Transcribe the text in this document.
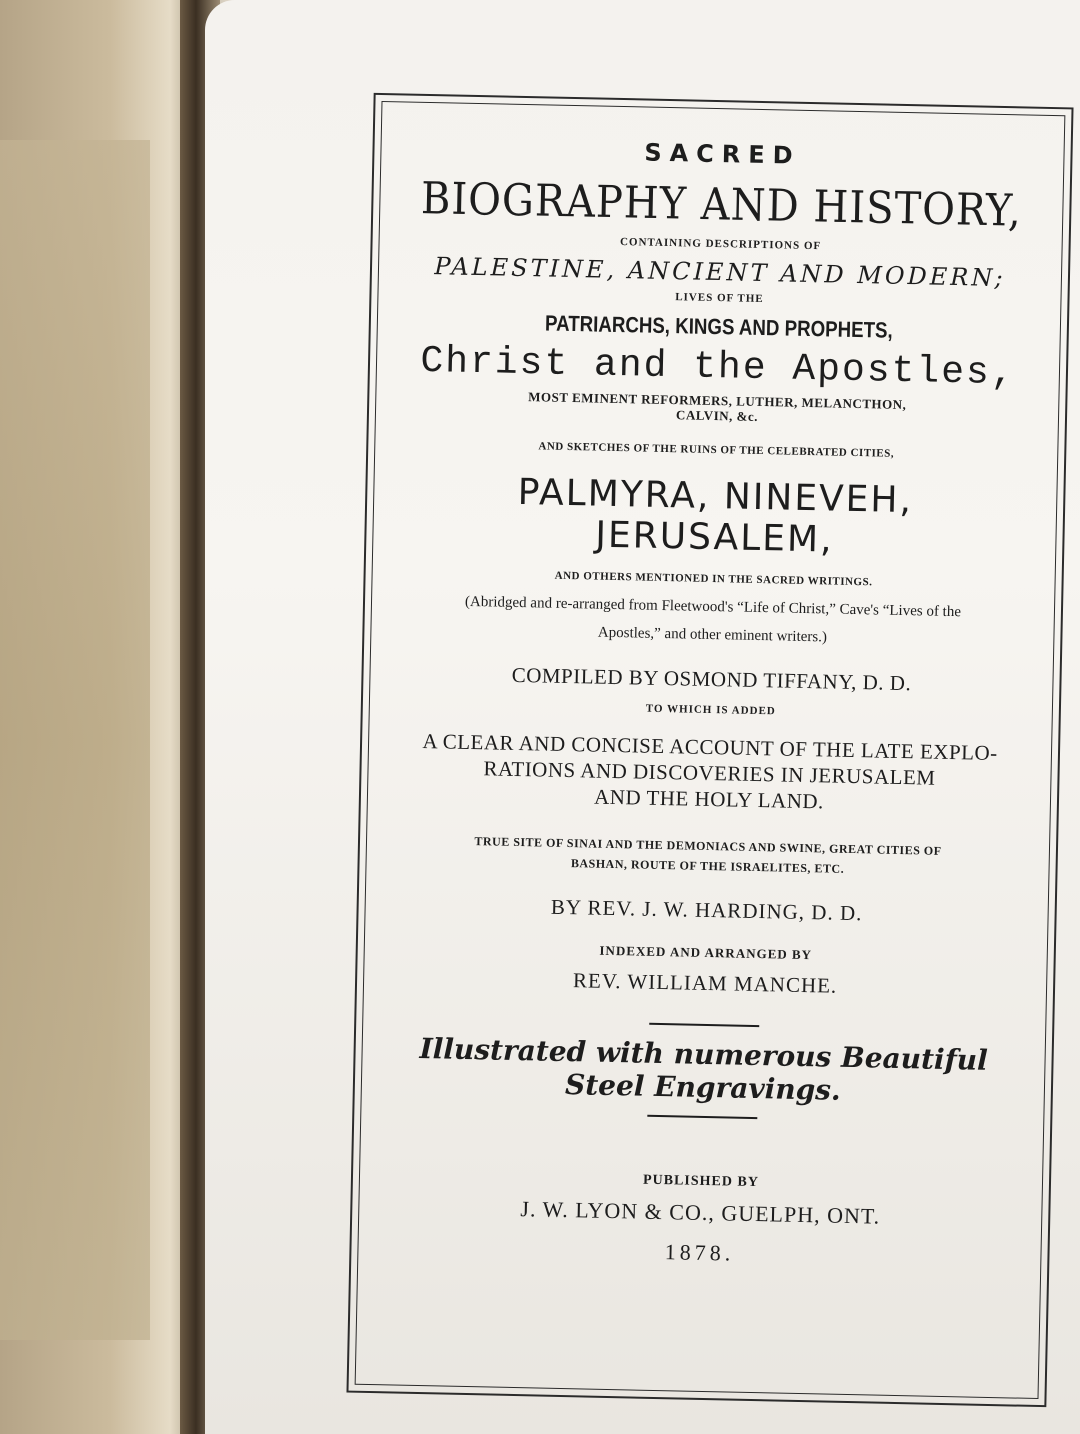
SACRED
BIOGRAPHY AND HISTORY,
CONTAINING DESCRIPTIONS OF
PALESTINE, ANCIENT AND MODERN;
LIVES OF THE
PATRIARCHS, KINGS AND PROPHETS,
Christ and the Apostles,
MOST EMINENT REFORMERS, LUTHER, MELANCTHON,
CALVIN, &c.
AND SKETCHES OF THE RUINS OF THE CELEBRATED CITIES,
PALMYRA, NINEVEH, JERUSALEM,
AND OTHERS MENTIONED IN THE SACRED WRITINGS.
(Abridged and re-arranged from Fleetwood's “Life of Christ,” Cave's “Lives of the
Apostles,” and other eminent writers.)
COMPILED BY OSMOND TIFFANY, D. D.
TO WHICH IS ADDED
A CLEAR AND CONCISE ACCOUNT OF THE LATE EXPLO-
RATIONS AND DISCOVERIES IN JERUSALEM
AND THE HOLY LAND.
TRUE SITE OF SINAI AND THE DEMONIACS AND SWINE, GREAT CITIES OF
BASHAN, ROUTE OF THE ISRAELITES, ETC.
BY REV. J. W. HARDING, D. D.
INDEXED AND ARRANGED BY
REV. WILLIAM MANCHE.
Illustrated with numerous Beautiful Steel Engravings.
PUBLISHED BY
J. W. LYON & CO., GUELPH, ONT.
1878.
